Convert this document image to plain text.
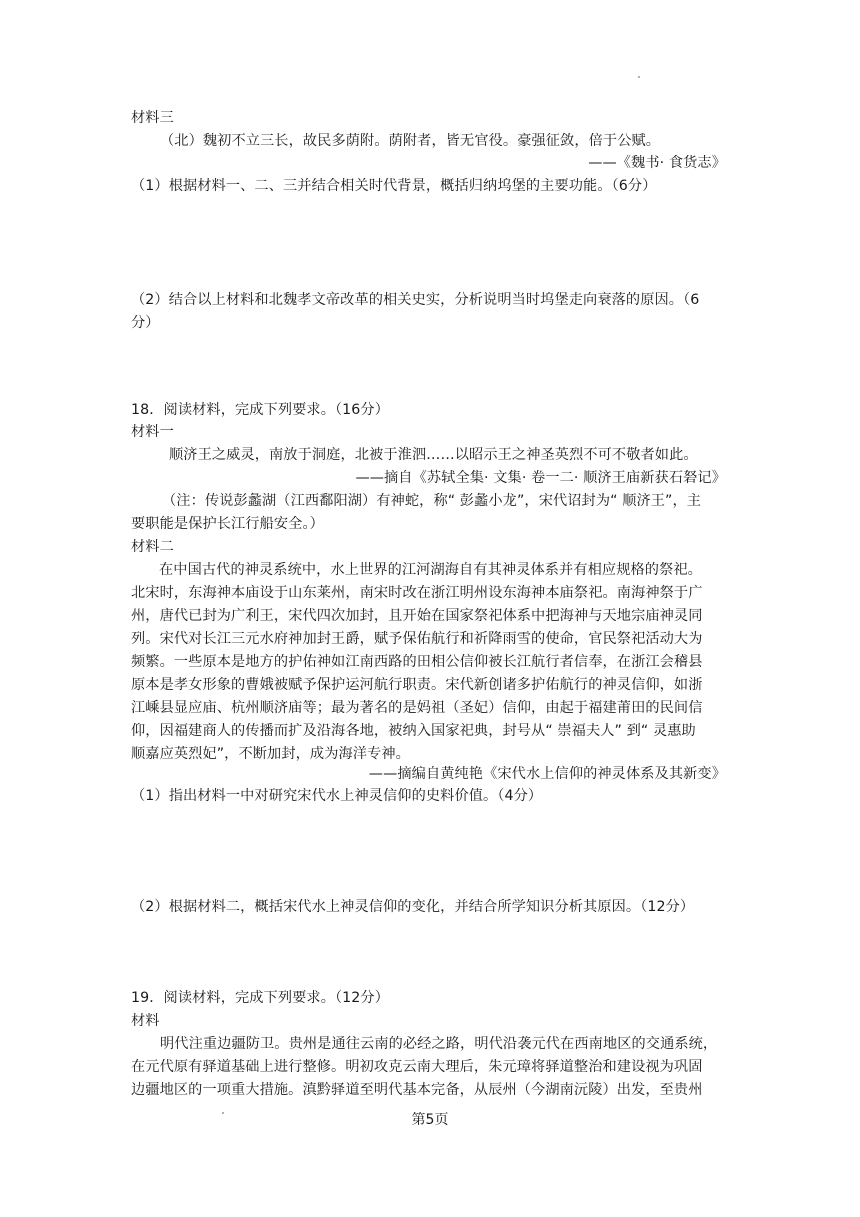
材料三
（北）魏初不立三长，故民多荫附。荫附者，皆无官役。豪强征敛，倍于公赋。
——《魏书· 食货志》
（1）根据材料一、二、三并结合相关时代背景，概括归纳坞堡的主要功能。（6分）
（2）结合以上材料和北魏孝文帝改革的相关史实，分析说明当时坞堡走向衰落的原因。（6
分）
18．阅读材料，完成下列要求。（16分）
材料一
顺济王之威灵，南放于洞庭，北被于淮泗……以昭示王之神圣英烈不可不敬者如此。
——摘自《苏轼全集· 文集· 卷一二· 顺济王庙新获石砮记》
（注：传说彭蠡湖（江西鄱阳湖）有神蛇，称“ 彭蠡小龙”，宋代诏封为“ 顺济王”，主
要职能是保护长江行船安全。）
材料二
在中国古代的神灵系统中，水上世界的江河湖海自有其神灵体系并有相应规格的祭祀。
北宋时，东海神本庙设于山东莱州，南宋时改在浙江明州设东海神本庙祭祀。南海神祭于广
州，唐代已封为广利王，宋代四次加封，且开始在国家祭祀体系中把海神与天地宗庙神灵同
列。宋代对长江三元水府神加封王爵，赋予保佑航行和祈降雨雪的使命，官民祭祀活动大为
频繁。一些原本是地方的护佑神如江南西路的田相公信仰被长江航行者信奉，在浙江会稽县
原本是孝女形象的曹娥被赋予保护运河航行职责。宋代新创诸多护佑航行的神灵信仰，如浙
江嵊县显应庙、杭州顺济庙等；最为著名的是妈祖（圣妃）信仰，由起于福建莆田的民间信
仰，因福建商人的传播而扩及沿海各地，被纳入国家祀典，封号从“ 崇福夫人” 到“ 灵惠助
顺嘉应英烈妃”，不断加封，成为海洋专神。
——摘编自黄纯艳《宋代水上信仰的神灵体系及其新变》
（1）指出材料一中对研究宋代水上神灵信仰的史料价值。（4分）
（2）根据材料二，概括宋代水上神灵信仰的变化，并结合所学知识分析其原因。（12分）
19．阅读材料，完成下列要求。（12分）
材料
明代注重边疆防卫。贵州是通往云南的必经之路，明代沿袭元代在西南地区的交通系统，
在元代原有驿道基础上进行整修。明初攻克云南大理后，朱元璋将驿道整治和建设视为巩固
边疆地区的一项重大措施。滇黔驿道至明代基本完备，从辰州（今湖南沅陵）出发，至贵州
第5页
